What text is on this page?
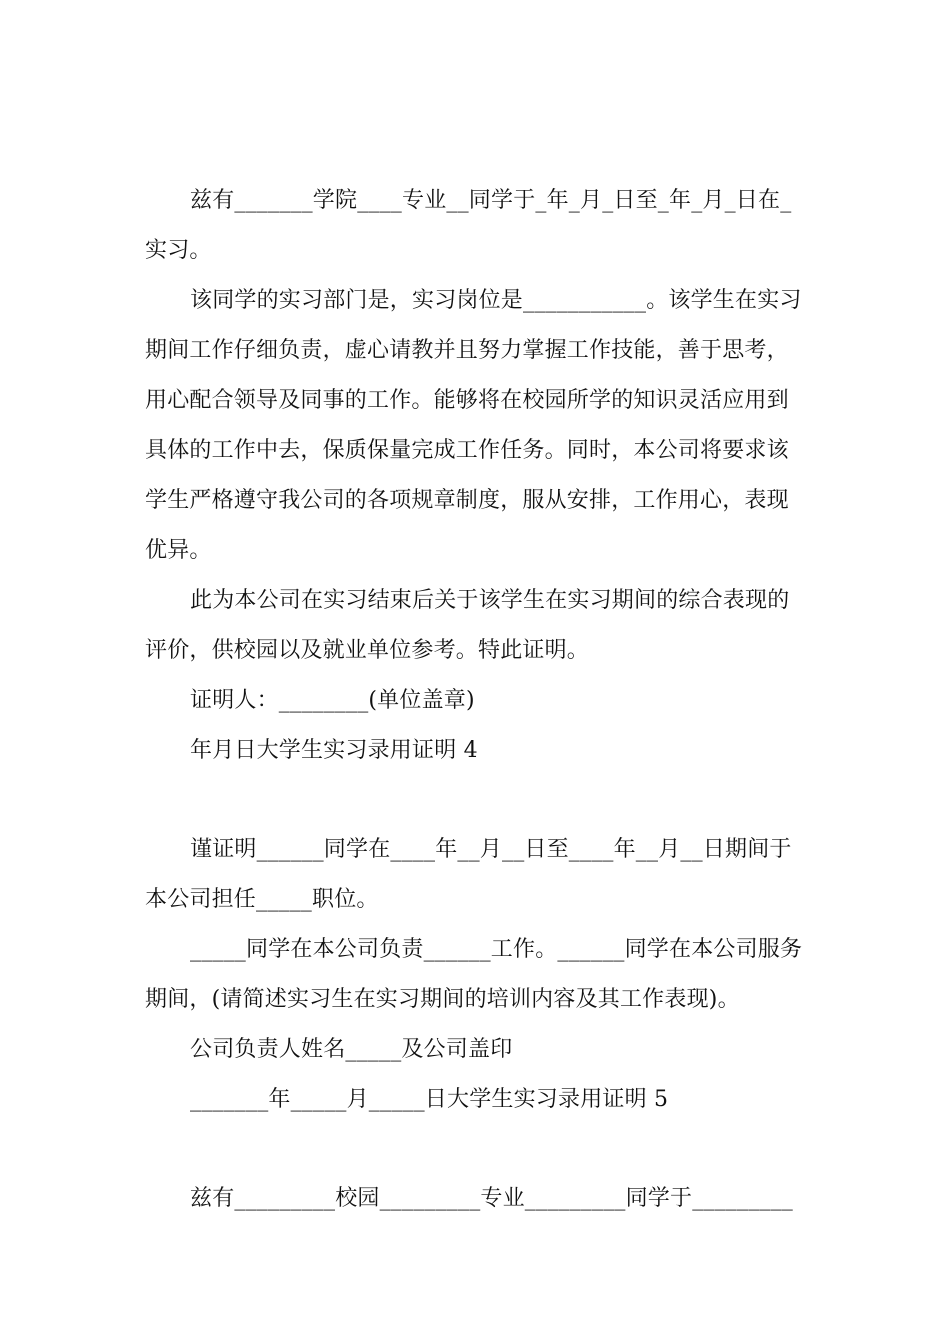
兹有_______学院____专业__同学于_年_月_日至_年_月_日在_
实习。
该同学的实习部门是，实习岗位是___________。该学生在实习
期间工作仔细负责，虚心请教并且努力掌握工作技能，善于思考，
用心配合领导及同事的工作。能够将在校园所学的知识灵活应用到
具体的工作中去，保质保量完成工作任务。同时，本公司将要求该
学生严格遵守我公司的各项规章制度，服从安排，工作用心，表现
优异。
此为本公司在实习结束后关于该学生在实习期间的综合表现的
评价，供校园以及就业单位参考。特此证明。
证明人：________(单位盖章)
年月日大学生实习录用证明 4
谨证明______同学在____年__月__日至____年__月__日期间于
本公司担任_____职位。
_____同学在本公司负责______工作。______同学在本公司服务
期间，(请简述实习生在实习期间的培训内容及其工作表现)。
公司负责人姓名_____及公司盖印
_______年_____月_____日大学生实习录用证明 5
兹有_________校园_________专业_________同学于_________
